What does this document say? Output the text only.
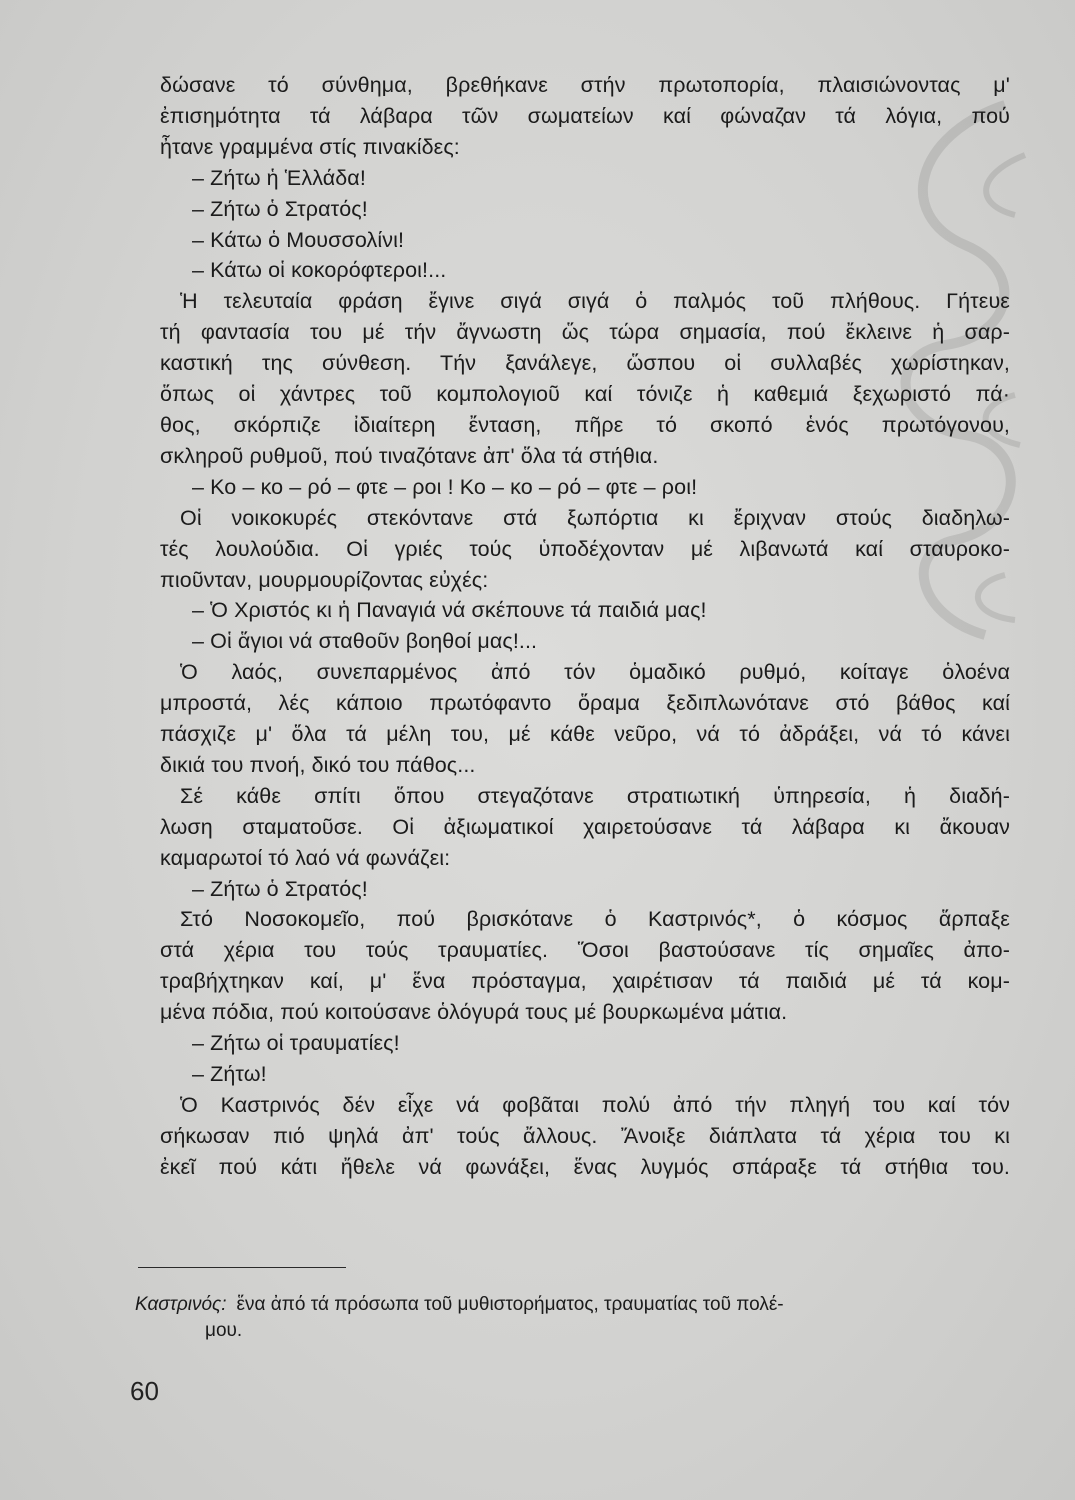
δώσανε τό σύνθημα, βρεθήκανε στήν πρωτοπορία, πλαισιώνοντας μ'
ἐπισημότητα τά λάβαρα τῶν σωματείων καί φώναζαν τά λόγια, πού
ἦτανε γραμμένα στίς πινακίδες:
– Ζήτω ἡ Ἑλλάδα!
– Ζήτω ὁ Στρατός!
– Κάτω ὁ Μουσσολίνι!
– Κάτω οἱ κοκορόφτεροι!...
Ἡ τελευταία φράση ἔγινε σιγά σιγά ὁ παλμός τοῦ πλήθους. Γήτευε
τή φαντασία του μέ τήν ἄγνωστη ὥς τώρα σημασία, πού ἔκλεινε ἡ σαρ-
καστική της σύνθεση. Τήν ξανάλεγε, ὥσπου οἱ συλλαβές χωρίστηκαν,
ὅπως οἱ χάντρες τοῦ κομπολογιοῦ καί τόνιζε ἡ καθεμιά ξεχωριστό πά·
θος, σκόρπιζε ἰδιαίτερη ἔνταση, πῆρε τό σκοπό ἑνός πρωτόγονου,
σκληροῦ ρυθμοῦ, πού τιναζότανε ἀπ' ὅλα τά στήθια.
– Κο – κο – ρό – φτε – ροι ! Κο – κο – ρό – φτε – ροι!
Οἱ νοικοκυρές στεκόντανε στά ξωπόρτια κι ἔριχναν στούς διαδηλω-
τές λουλούδια. Οἱ γριές τούς ὑποδέχονταν μέ λιβανωτά καί σταυροκο-
πιοῦνταν, μουρμουρίζοντας εὐχές:
– Ὁ Χριστός κι ἡ Παναγιά νά σκέπουνε τά παιδιά μας!
– Οἱ ἅγιοι νά σταθοῦν βοηθοί μας!...
Ὁ λαός, συνεπαρμένος ἀπό τόν ὁμαδικό ρυθμό, κοίταγε ὁλοένα
μπροστά, λές κάποιο πρωτόφαντο ὅραμα ξεδιπλωνότανε στό βάθος καί
πάσχιζε μ' ὅλα τά μέλη του, μέ κάθε νεῦρο, νά τό ἀδράξει, νά τό κάνει
δικιά του πνοή, δικό του πάθος...
Σέ κάθε σπίτι ὅπου στεγαζότανε στρατιωτική ὑπηρεσία, ἡ διαδή-
λωση σταματοῦσε. Οἱ ἀξιωματικοί χαιρετούσανε τά λάβαρα κι ἄκουαν
καμαρωτοί τό λαό νά φωνάζει:
– Ζήτω ὁ Στρατός!
Στό Νοσοκομεῖο, πού βρισκότανε ὁ Καστρινός*, ὁ κόσμος ἅρπαξε
στά χέρια του τούς τραυματίες. Ὅσοι βαστούσανε τίς σημαῖες ἀπο-
τραβήχτηκαν καί, μ' ἕνα πρόσταγμα, χαιρέτισαν τά παιδιά μέ τά κομ-
μένα πόδια, πού κοιτούσανε ὁλόγυρά τους μέ βουρκωμένα μάτια.
– Ζήτω οἱ τραυματίες!
– Ζήτω!
Ὁ Καστρινός δέν εἶχε νά φοβᾶται πολύ ἀπό τήν πληγή του καί τόν
σήκωσαν πιό ψηλά ἀπ' τούς ἄλλους. Ἄνοιξε διάπλατα τά χέρια του κι
ἐκεῖ πού κάτι ἤθελε νά φωνάξει, ἕνας λυγμός σπάραξε τά στήθια του.
Καστρινός: ἕνα ἀπό τά πρόσωπα τοῦ μυθιστορήματος, τραυματίας τοῦ πολέ-
μου.
60
